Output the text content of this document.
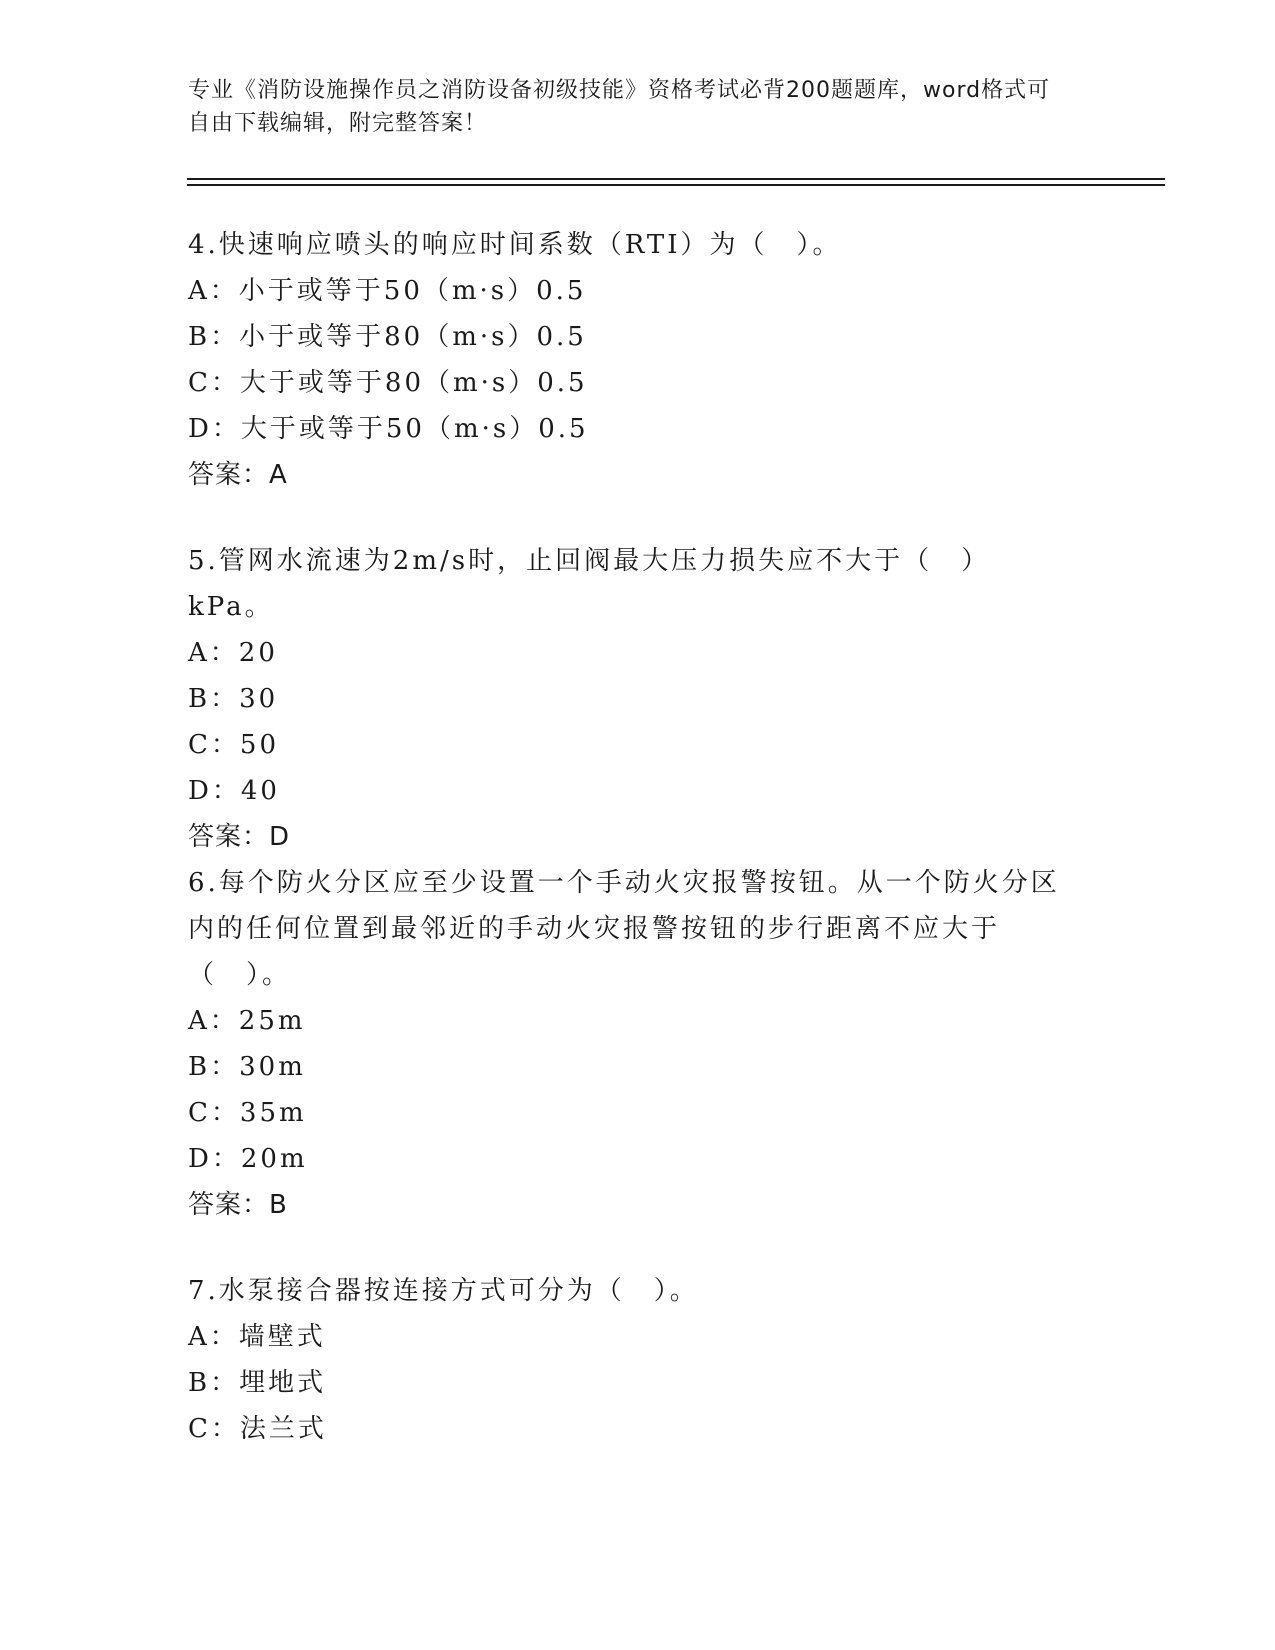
专业《消防设施操作员之消防设备初级技能》资格考试必背200题题库，word格式可自由下载编辑，附完整答案！

4.快速响应喷头的响应时间系数（RTI）为（　）。

A：小于或等于50（m·s）0.5

B：小于或等于80（m·s）0.5

C：大于或等于80（m·s）0.5

D：大于或等于50（m·s）0.5

答案：A

5.管网水流速为2m/s时，止回阀最大压力损失应不大于（　）kPa。

A：20

B：30

C：50

D：40

答案：D

6.每个防火分区应至少设置一个手动火灾报警按钮。从一个防火分区内的任何位置到最邻近的手动火灾报警按钮的步行距离不应大于（　）。

A：25m

B：30m

C：35m

D：20m

答案：B

7.水泵接合器按连接方式可分为（　）。

A：墙壁式

B：埋地式

C：法兰式
